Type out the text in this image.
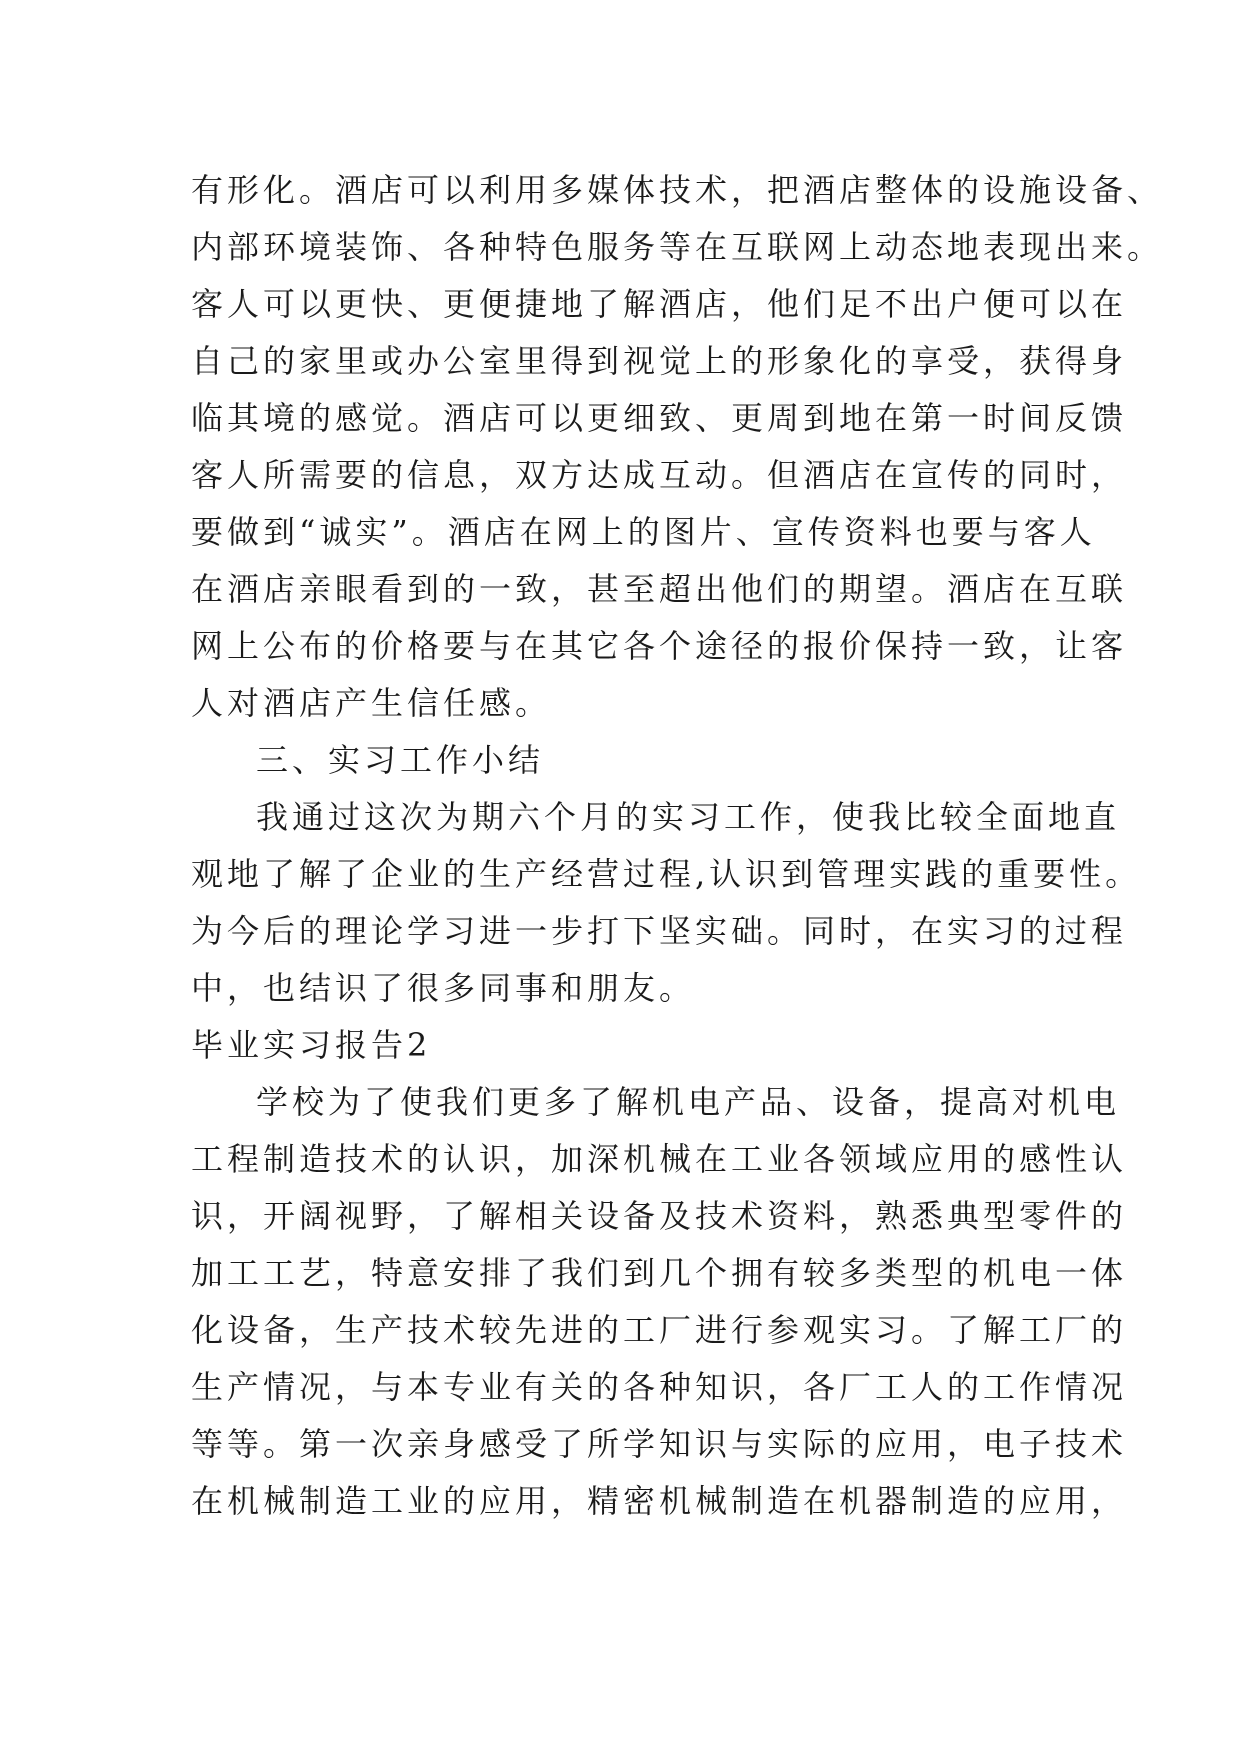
有形化。酒店可以利用多媒体技术，把酒店整体的设施设备、
内部环境装饰、各种特色服务等在互联网上动态地表现出来。
客人可以更快、更便捷地了解酒店，他们足不出户便可以在
自己的家里或办公室里得到视觉上的形象化的享受，获得身
临其境的感觉。酒店可以更细致、更周到地在第一时间反馈
客人所需要的信息，双方达成互动。但酒店在宣传的同时，
要做到“诚实”。酒店在网上的图片、宣传资料也要与客人
在酒店亲眼看到的一致，甚至超出他们的期望。酒店在互联
网上公布的价格要与在其它各个途径的报价保持一致，让客
人对酒店产生信任感。
三、实习工作小结
我通过这次为期六个月的实习工作，使我比较全面地直
观地了解了企业的生产经营过程,认识到管理实践的重要性。
为今后的理论学习进一步打下坚实础。同时，在实习的过程
中，也结识了很多同事和朋友。
毕业实习报告2
学校为了使我们更多了解机电产品、设备，提高对机电
工程制造技术的认识，加深机械在工业各领域应用的感性认
识，开阔视野，了解相关设备及技术资料，熟悉典型零件的
加工工艺，特意安排了我们到几个拥有较多类型的机电一体
化设备，生产技术较先进的工厂进行参观实习。了解工厂的
生产情况，与本专业有关的各种知识，各厂工人的工作情况
等等。第一次亲身感受了所学知识与实际的应用，电子技术
在机械制造工业的应用，精密机械制造在机器制造的应用，
